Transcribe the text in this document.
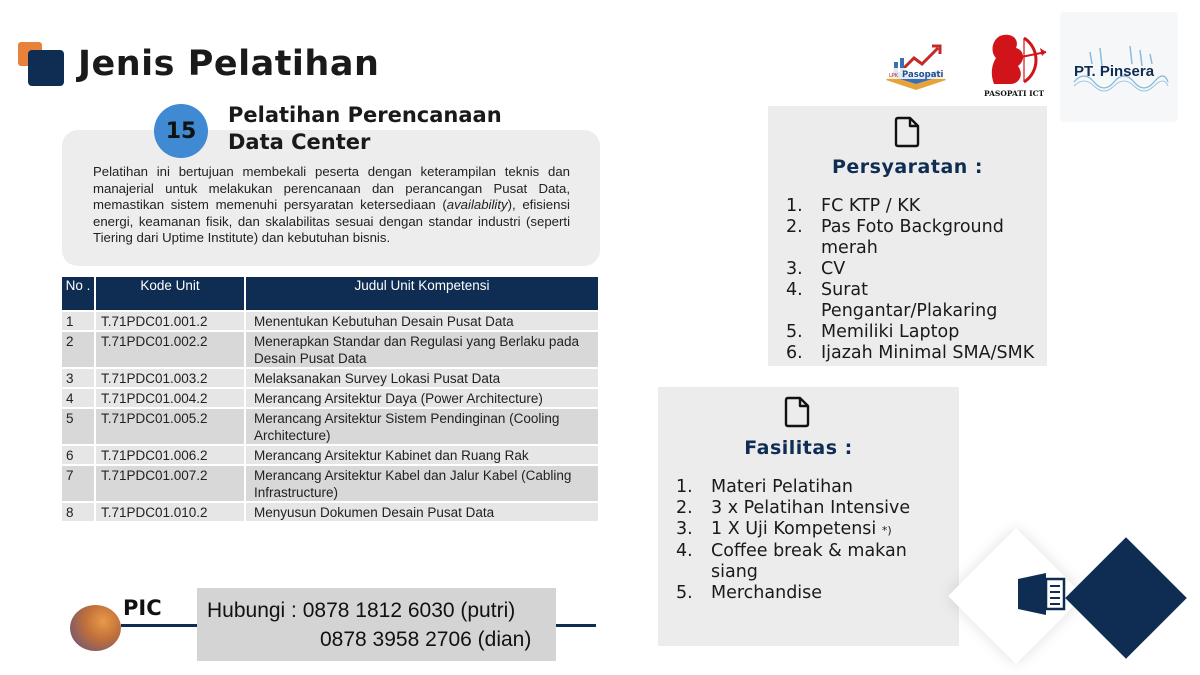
Jenis Pelatihan	LPK Pasopati
PASOPATI ICT
PT. Pinsera
15
Pelatihan Perencanaan
Data Center
Pelatihan ini bertujuan membekali peserta dengan keterampilan teknis dan manajerial untuk melakukan perencanaan dan perancangan Pusat Data, memastikan sistem memenuhi persyaratan ketersediaan (availability), efisiensi energi, keamanan fisik, dan skalabilitas sesuai dengan standar industri (seperti Tiering dari Uptime Institute) dan kebutuhan bisnis.
No .	Kode Unit	Judul Unit Kompetensi
1	T.71PDC01.001.2	Menentukan Kebutuhan Desain Pusat Data
2	T.71PDC01.002.2	Menerapkan Standar dan Regulasi yang Berlaku pada Desain Pusat Data
3	T.71PDC01.003.2	Melaksanakan Survey Lokasi Pusat Data
4	T.71PDC01.004.2	Merancang Arsitektur Daya (Power Architecture)
5	T.71PDC01.005.2	Merancang Arsitektur Sistem Pendinginan (Cooling Architecture)
6	T.71PDC01.006.2	Merancang Arsitektur Kabinet dan Ruang Rak
7	T.71PDC01.007.2	Merancang Arsitektur Kabel dan Jalur Kabel (Cabling Infrastructure)
8	T.71PDC01.010.2	Menyusun Dokumen Desain Pusat Data
Persyaratan :
1.	FC KTP / KK
2.	Pas Foto Background merah
3.	CV
4.	Surat Pengantar/Plakaring
5.	Memiliki Laptop
6.	Ijazah Minimal SMA/SMK
Fasilitas :
1.	Materi Pelatihan
2.	3 x Pelatihan Intensive
3.	1 X Uji Kompetensi *)
4.	Coffee break & makan siang
5.	Merchandise
PIC Hubungi : 0878 1812 6030 (putri)
0878 3958 2706 (dian)
